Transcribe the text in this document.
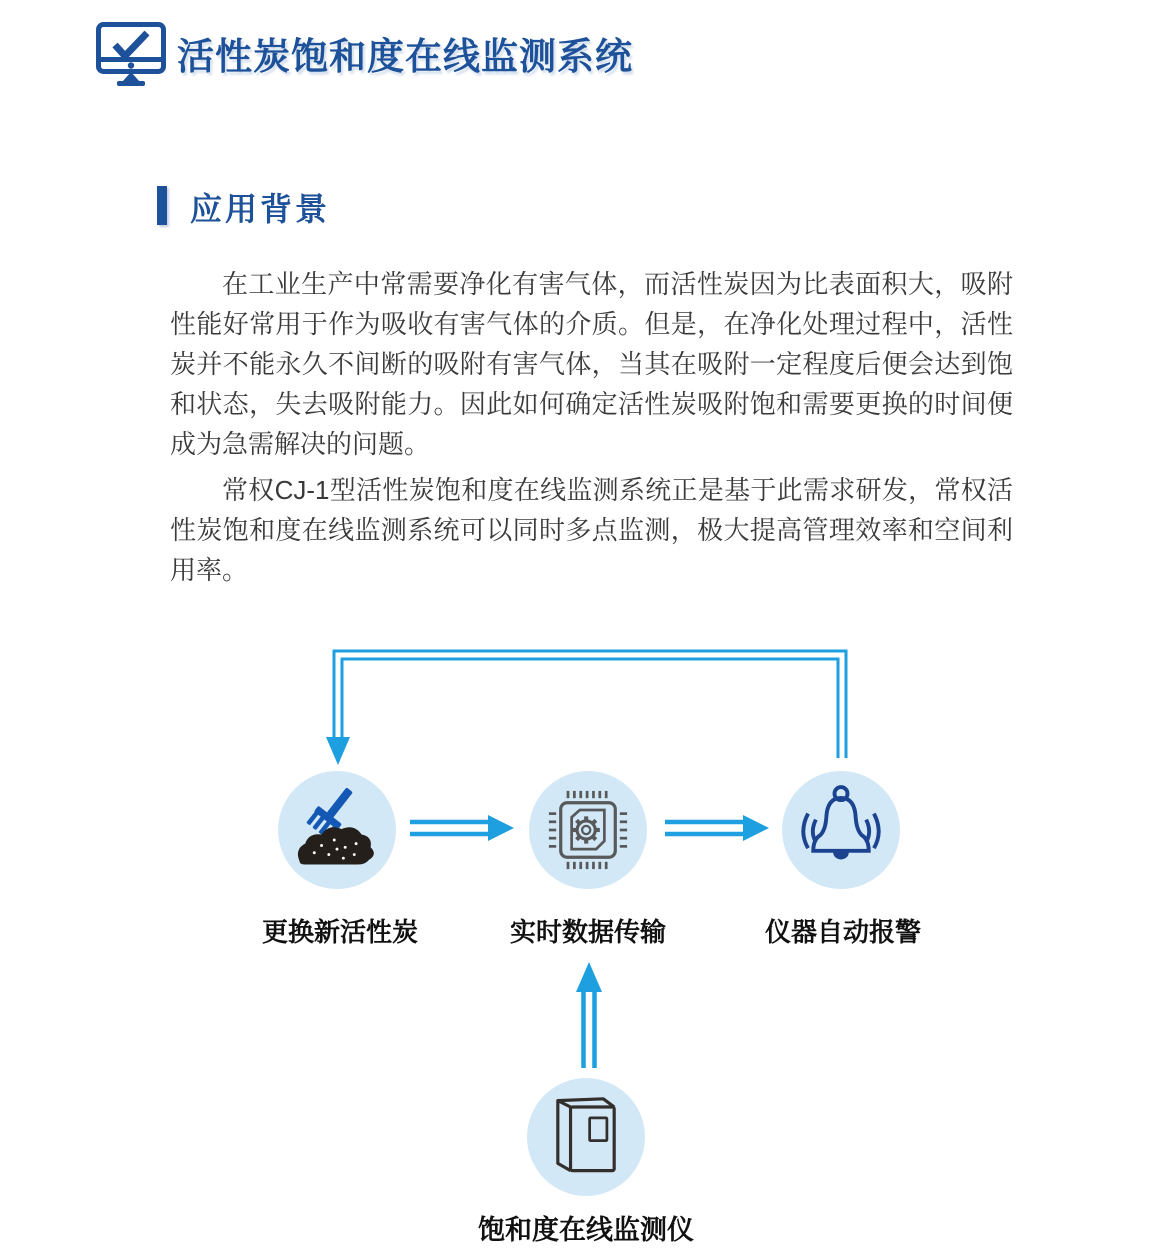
活性炭饱和度在线监测系统
应用背景

在工业生产中常需要净化有害气体，而活性炭因为比表面积大，吸附性能好常用于作为吸收有害气体的介质。但是，在净化处理过程中，活性炭并不能永久不间断的吸附有害气体，当其在吸附一定程度后便会达到饱和状态，失去吸附能力。因此如何确定活性炭吸附饱和需要更换的时间便成为急需解决的问题。

常权CJ-1型活性炭饱和度在线监测系统正是基于此需求研发，常权活性炭饱和度在线监测系统可以同时多点监测，极大提高管理效率和空间利用率。

更换新活性炭	实时数据传输	仪器自动报警
饱和度在线监测仪
